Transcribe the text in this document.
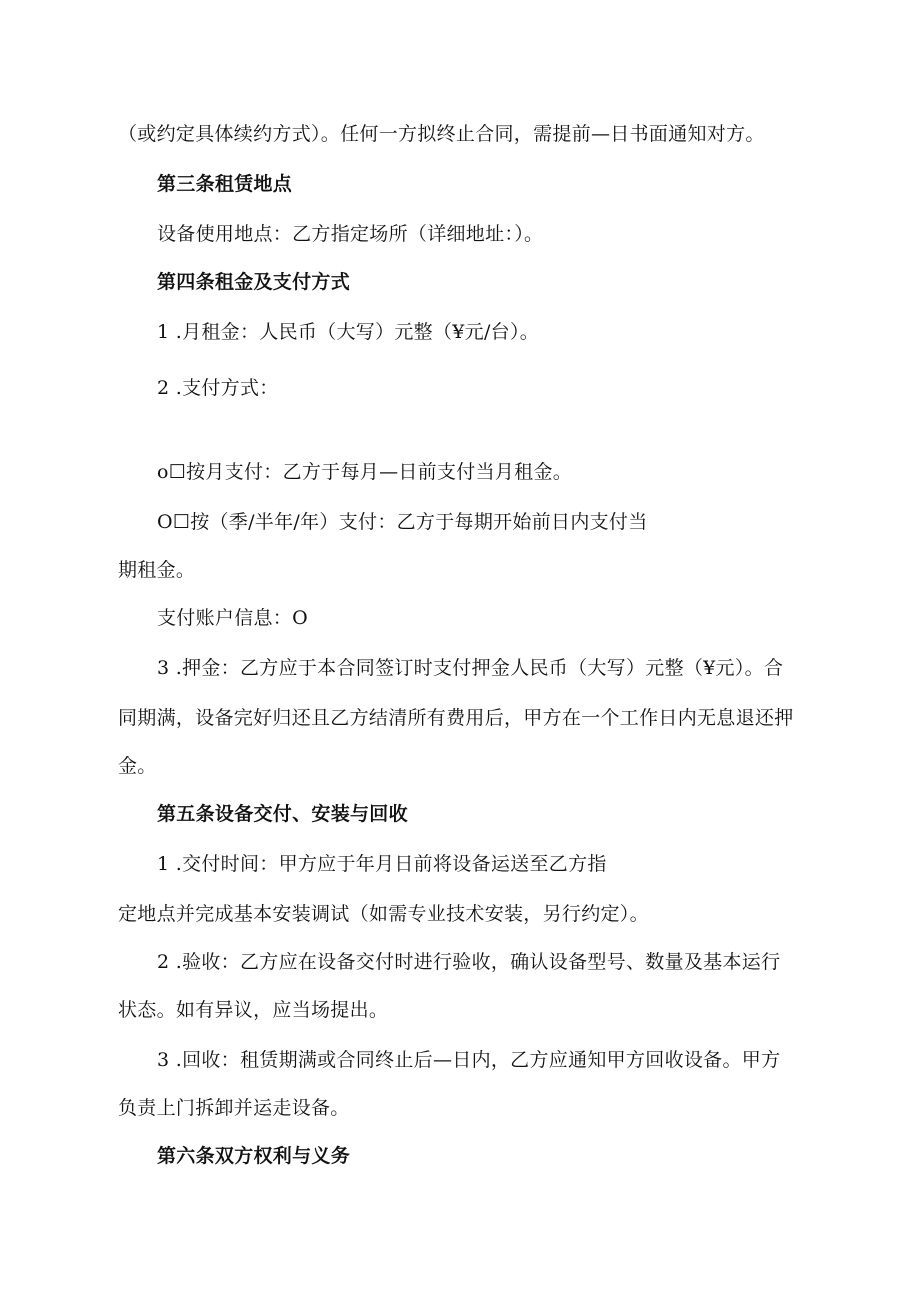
（或约定具体续约方式）。任何一方拟终止合同，需提前—日书面通知对方。
第三条租赁地点
设备使用地点：乙方指定场所（详细地址：）。
第四条租金及支付方式
1 .月租金：人民币（大写）元整（¥元/台）。
2 .支付方式：
o☐按月支付：乙方于每月—日前支付当月租金。
O☐按（季/半年/年）支付：乙方于每期开始前日内支付当
期租金。
支付账户信息：O
3 .押金：乙方应于本合同签订时支付押金人民币（大写）元整（¥元）。合
同期满，设备完好归还且乙方结清所有费用后，甲方在一个工作日内无息退还押
金。
第五条设备交付、安装与回收
1 .交付时间：甲方应于年月日前将设备运送至乙方指
定地点并完成基本安装调试（如需专业技术安装，另行约定）。
2 .验收：乙方应在设备交付时进行验收，确认设备型号、数量及基本运行
状态。如有异议，应当场提出。
3 .回收：租赁期满或合同终止后—日内，乙方应通知甲方回收设备。甲方
负责上门拆卸并运走设备。
第六条双方权利与义务
